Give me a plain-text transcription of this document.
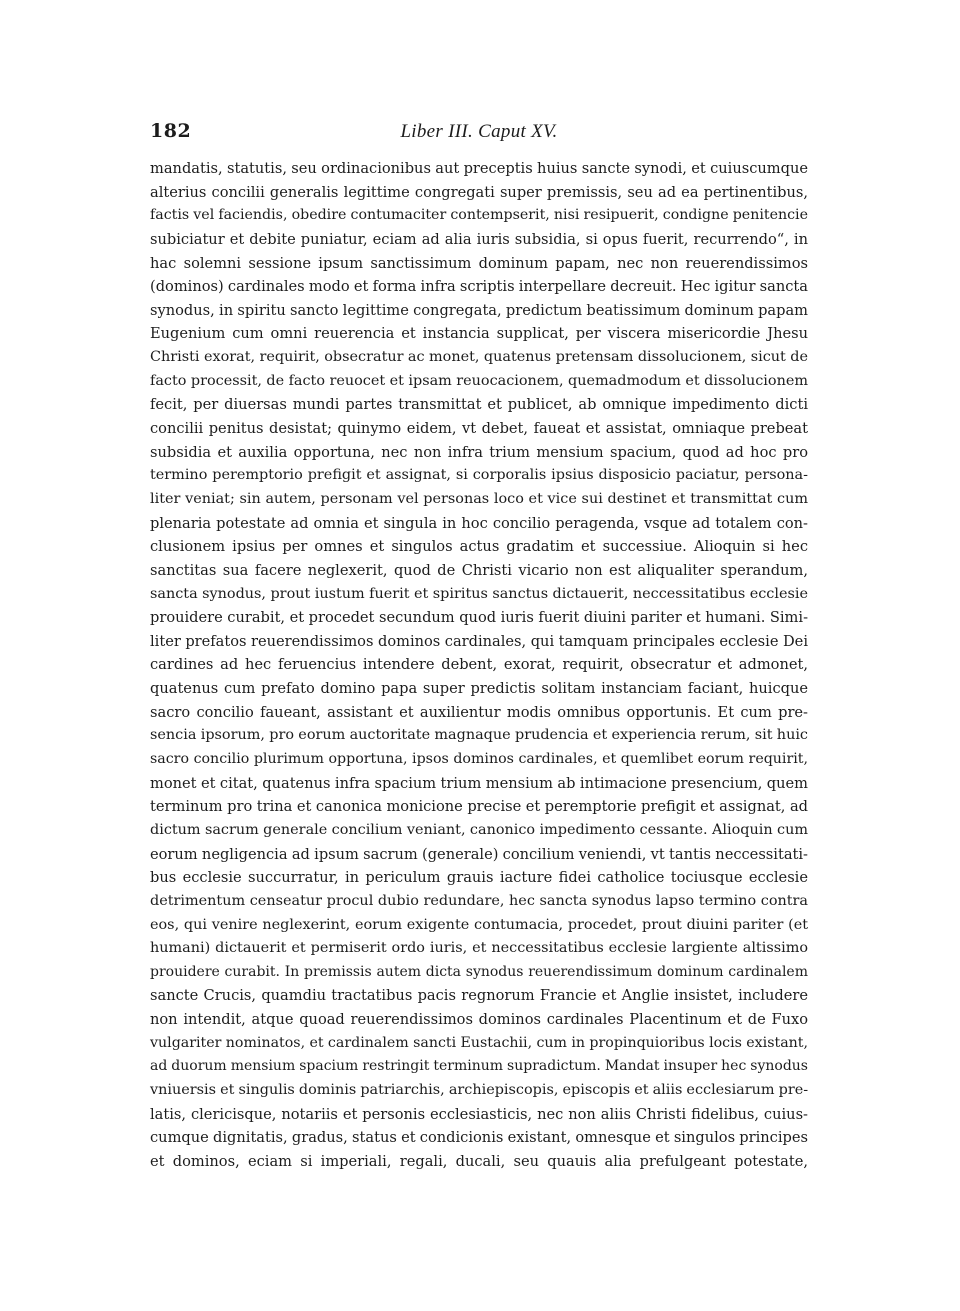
182	Liber III. Caput XV.
mandatis, statutis, seu ordinacionibus aut preceptis huius sancte synodi, et cuiuscumque
alterius concilii generalis legittime congregati super premissis, seu ad ea pertinentibus,
factis vel faciendis, obedire contumaciter contempserit, nisi resipuerit, condigne penitencie
subiciatur et debite puniatur, eciam ad alia iuris subsidia, si opus fuerit, recurrendo“, in
hac solemni sessione ipsum sanctissimum dominum papam, nec non reuerendissimos
(dominos) cardinales modo et forma infra scriptis interpellare decreuit. Hec igitur sancta
synodus, in spiritu sancto legittime congregata, predictum beatissimum dominum papam
Eugenium cum omni reuerencia et instancia supplicat, per viscera misericordie Jhesu
Christi exorat, requirit, obsecratur ac monet, quatenus pretensam dissolucionem, sicut de
facto processit, de facto reuocet et ipsam reuocacionem, quemadmodum et dissolucionem
fecit, per diuersas mundi partes transmittat et publicet, ab omnique impedimento dicti
concilii penitus desistat; quinymo eidem, vt debet, faueat et assistat, omniaque prebeat
subsidia et auxilia opportuna, nec non infra trium mensium spacium, quod ad hoc pro
termino peremptorio prefigit et assignat, si corporalis ipsius disposicio paciatur, persona-
liter veniat; sin autem, personam vel personas loco et vice sui destinet et transmittat cum
plenaria potestate ad omnia et singula in hoc concilio peragenda, vsque ad totalem con-
clusionem ipsius per omnes et singulos actus gradatim et successiue. Alioquin si hec
sanctitas sua facere neglexerit, quod de Christi vicario non est aliqualiter sperandum,
sancta synodus, prout iustum fuerit et spiritus sanctus dictauerit, neccessitatibus ecclesie
prouidere curabit, et procedet secundum quod iuris fuerit diuini pariter et humani. Simi-
liter prefatos reuerendissimos dominos cardinales, qui tamquam principales ecclesie Dei
cardines ad hec feruencius intendere debent, exorat, requirit, obsecratur et admonet,
quatenus cum prefato domino papa super predictis solitam instanciam faciant, huicque
sacro concilio faueant, assistant et auxilientur modis omnibus opportunis. Et cum pre-
sencia ipsorum, pro eorum auctoritate magnaque prudencia et experiencia rerum, sit huic
sacro concilio plurimum opportuna, ipsos dominos cardinales, et quemlibet eorum requirit,
monet et citat, quatenus infra spacium trium mensium ab intimacione presencium, quem
terminum pro trina et canonica monicione precise et peremptorie prefigit et assignat, ad
dictum sacrum generale concilium veniant, canonico impedimento cessante. Alioquin cum
eorum negligencia ad ipsum sacrum (generale) concilium veniendi, vt tantis neccessitati-
bus ecclesie succurratur, in periculum grauis iacture fidei catholice tociusque ecclesie
detrimentum censeatur procul dubio redundare, hec sancta synodus lapso termino contra
eos, qui venire neglexerint, eorum exigente contumacia, procedet, prout diuini pariter (et
humani) dictauerit et permiserit ordo iuris, et neccessitatibus ecclesie largiente altissimo
prouidere curabit. In premissis autem dicta synodus reuerendissimum dominum cardinalem
sancte Crucis, quamdiu tractatibus pacis regnorum Francie et Anglie insistet, includere
non intendit, atque quoad reuerendissimos dominos cardinales Placentinum et de Fuxo
vulgariter nominatos, et cardinalem sancti Eustachii, cum in propinquioribus locis existant,
ad duorum mensium spacium restringit terminum supradictum. Mandat insuper hec synodus
vniuersis et singulis dominis patriarchis, archiepiscopis, episcopis et aliis ecclesiarum pre-
latis, clericisque, notariis et personis ecclesiasticis, nec non aliis Christi fidelibus, cuius-
cumque dignitatis, gradus, status et condicionis existant, omnesque et singulos principes
et dominos, eciam si imperiali, regali, ducali, seu quauis alia prefulgeant potestate,
